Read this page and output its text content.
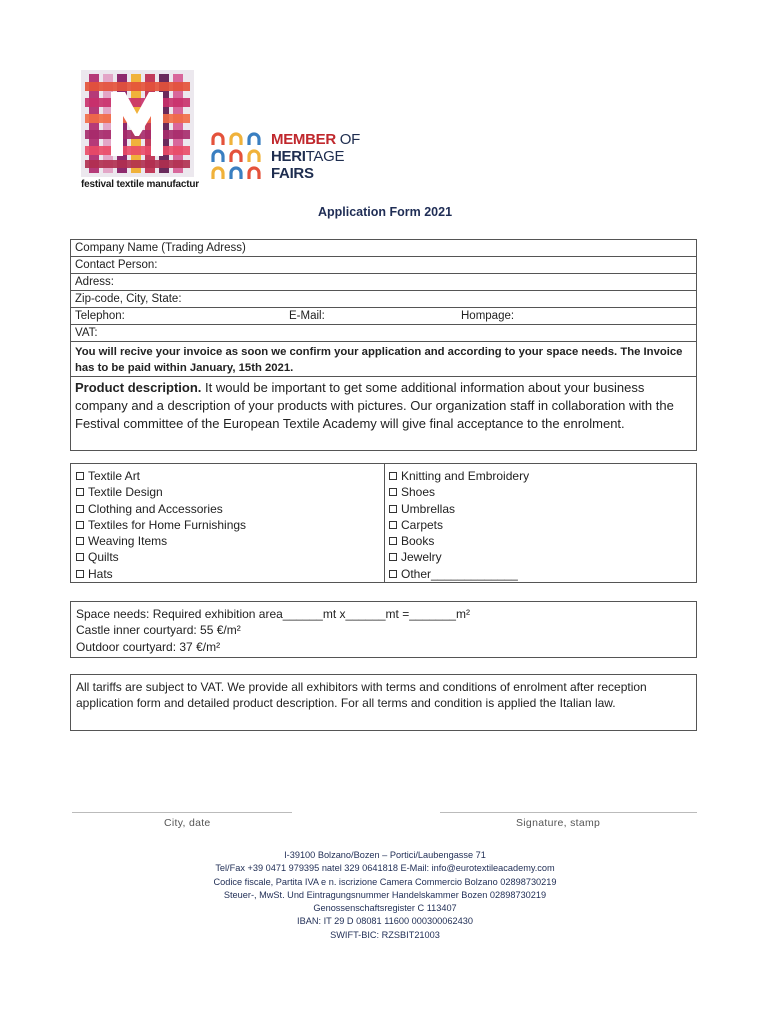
festival textile manufactur
MEMBER OF
HERITAGE
FAIRS
Application Form 2021
Company Name (Trading Adress)
Contact Person:
Adress:
Zip-code, City, State:
Telephon:	E-Mail:	Hompage:
VAT:
You will recive your invoice as soon we confirm your application and according to your space needs. The Invoice has to be paid within January, 15th 2021.
Product description. It would be important to get some additional information about your business company and a description of your products with pictures. Our organization staff in collaboration with the Festival committee of the European Textile Academy will give final acceptance to the enrolment.
Textile Art
Textile Design
Clothing and Accessories
Textiles for Home Furnishings
Weaving Items
Quilts
Hats
Knitting and Embroidery
Shoes
Umbrellas
Carpets
Books
Jewelry
Other_____________
Space needs: Required exhibition area______mt x______mt =_______m²
Castle inner courtyard: 55 €/m²
Outdoor courtyard: 37 €/m²
All tariffs are subject to VAT. We provide all exhibitors with terms and conditions of enrolment after reception application form and detailed product description. For all terms and condition is applied the Italian law.
City, date	Signature, stamp
I-39100 Bolzano/Bozen – Portici/Laubengasse 71
Tel/Fax +39 0471 979395 natel 329 0641818 E-Mail: info@eurotextileacademy.com
Codice fiscale, Partita IVA e n. iscrizione Camera Commercio Bolzano 02898730219
Steuer-, MwSt. Und Eintragungsnummer Handelskammer Bozen 02898730219
Genossenschaftsregister C 113407
IBAN: IT 29 D 08081 11600 000300062430
SWIFT-BIC: RZSBIT21003
